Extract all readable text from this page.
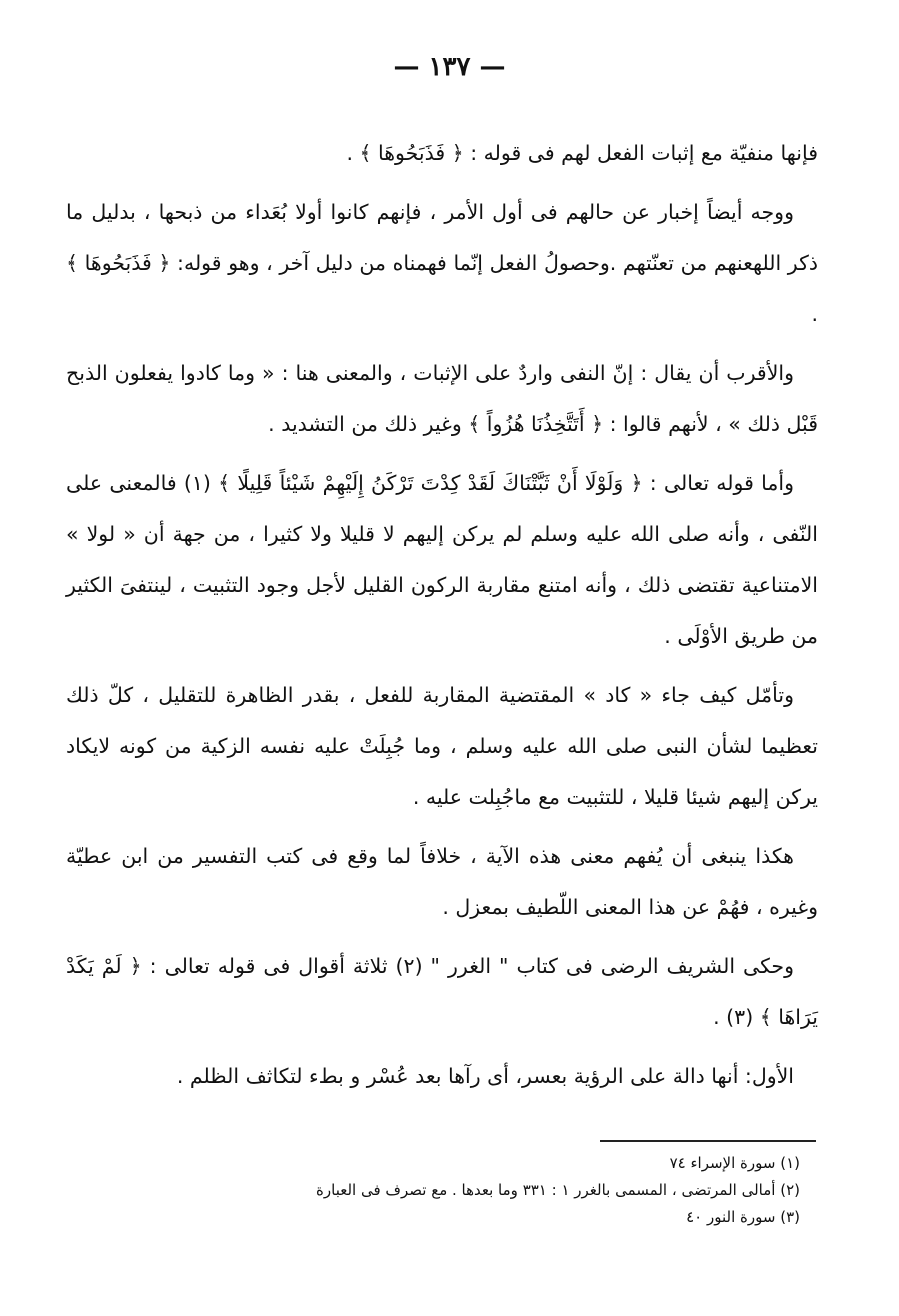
— ١٣٧ —

فإنها منفيّة مع إثبات الفعل لهم فى قوله : ﴿ فَذَبَحُوهَا ﴾ .

ووجه أيضاً إخبار عن حالهم فى أول الأمر ، فإنهم كانوا أولا بُعَداء من ذبحها ، بدليل ما ذكر اللهعنهم من تعنّتهم .وحصولُ الفعل إنّما فهمناه من دليل آخر ، وهو قوله: ﴿ فَذَبَحُوهَا ﴾ .

والأقرب أن يقال : إنّ النفى واردٌ على الإثبات ، والمعنى هنا : « وما كادوا يفعلون الذبح قَبْل ذلك » ، لأنهم قالوا : ﴿ أَتَتَّخِذُنَا هُزُواً ﴾ وغير ذلك من التشديد .

وأما قوله تعالى : ﴿ وَلَوْلَا أَنْ ثَبَّتْنَاكَ لَقَدْ كِدْتَ تَرْكَنُ إِلَيْهِمْ شَيْئاً قَلِيلًا ﴾ (١) فالمعنى على النّفى ، وأنه صلى الله عليه وسلم لم يركن إليهم لا قليلا ولا كثيرا ، من جهة أن « لولا » الامتناعية تقتضى ذلك ، وأنه امتنع مقاربة الركون القليل لأجل وجود التثبيت ، لينتفىَ الكثير من طريق الأوْلَى .

وتأمّل كيف جاء « كاد » المقتضية المقاربة للفعل ، بقدر الظاهرة للتقليل ، كلّ ذلك تعظيما لشأن النبى صلى الله عليه وسلم ، وما جُبِلَتْ عليه نفسه الزكية من كونه لايكاد يركن إليهم شيئا قليلا ، للتثبيت مع ماجُبِلت عليه .

هكذا ينبغى أن يُفهم معنى هذه الآية ، خلافاً لما وقع فى كتب التفسير من ابن عطيّة وغيره ، فهُمْ عن هذا المعنى اللّطيف بمعزل .

وحكى الشريف الرضى فى كتاب " الغرر " (٢) ثلاثة أقوال فى قوله تعالى : ﴿ لَمْ يَكَدْ يَرَاهَا ﴾ (٣) .

الأول: أنها دالة على الرؤية بعسر، أى رآها بعد عُسْر و بطء لتكاثف الظلم .

(١) سورة الإسراء ٧٤

(٢) أمالى المرتضى ، المسمى بالغرر ١ : ٣٣١ وما بعدها . مع تصرف فى العبارة

(٣) سورة النور ٤٠
